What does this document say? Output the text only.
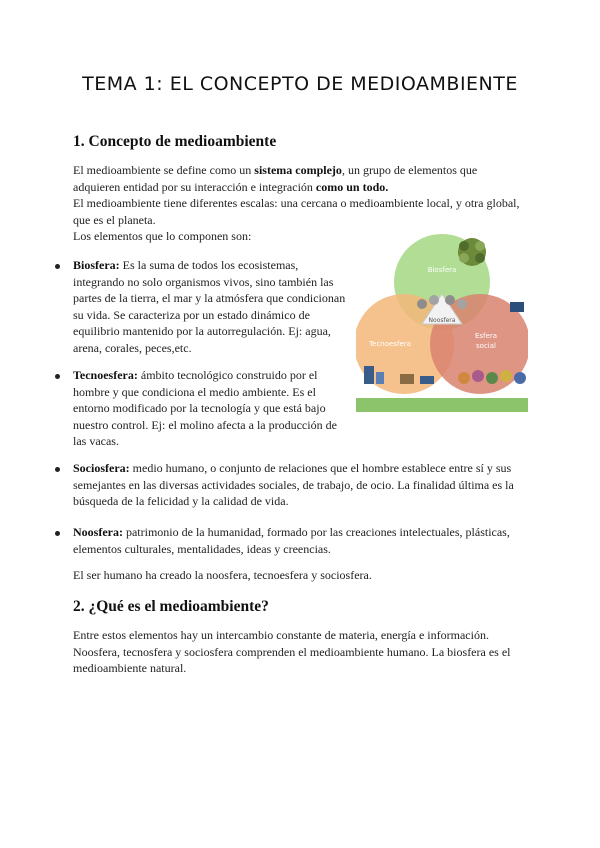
TEMA 1: EL CONCEPTO DE MEDIOAMBIENTE
1. Concepto de medioambiente
El medioambiente se define como un sistema complejo, un grupo de elementos que adquieren entidad por su interacción e integración como un todo.
El medioambiente tiene diferentes escalas: una cercana o medioambiente local, y otra global, que es el planeta.
Los elementos que lo componen son:
Biosfera: Es la suma de todos los ecosistemas, integrando no solo organismos vivos, sino también las partes de la tierra, el mar y la atmósfera que condicionan su vida. Se caracteriza por un estado dinámico de equilibrio mantenido por la autorregulación. Ej: agua, arena, corales, peces,etc.
Tecnoesfera: ámbito tecnológico construido por el hombre y que condiciona el medio ambiente. Es el entorno modificado por la tecnología y que está bajo nuestro control. Ej: el molino afecta a la producción de las vacas.
Sociosfera: medio humano, o conjunto de relaciones que el hombre establece entre sí y sus semejantes en las diversas actividades sociales, de trabajo, de ocio. La finalidad última es la búsqueda de la felicidad y la calidad de vida.
Noosfera: patrimonio de la humanidad, formado por las creaciones intelectuales, plásticas, elementos culturales, mentalidades, ideas y creencias.
El ser humano ha creado la noosfera, tecnoesfera y sociosfera.
2. ¿Qué es el medioambiente?
Entre estos elementos hay un intercambio constante de materia, energía e información. Noosfera, tecnosfera y sociosfera comprenden el medioambiente humano. La biosfera es el medioambiente natural.
Biosfera
Noosfera
Tecnoesfera
Esfera
social
